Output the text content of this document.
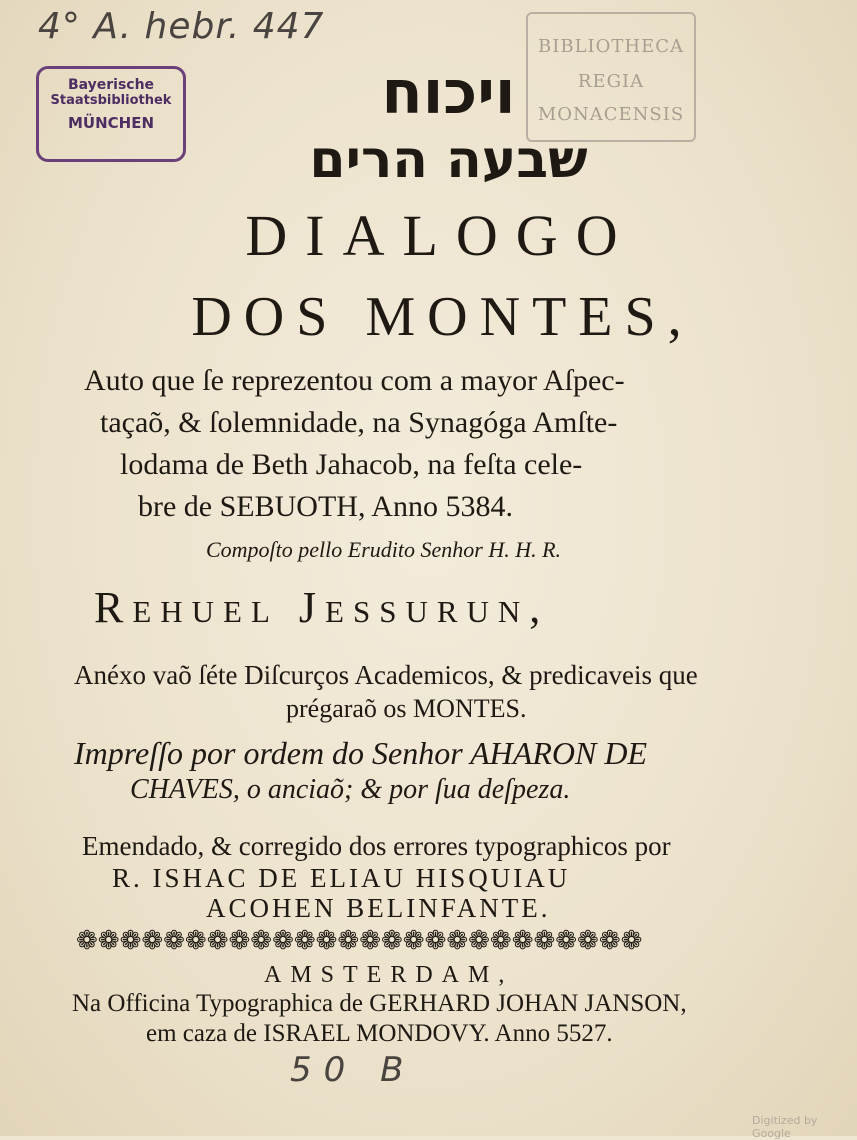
4° A. hebr. 447
Bayerische
Staatsbibliothek
MÜNCHEN
BIBLIOTHECA
REGIA
MONACENSIS
ויכוח
שבעה הרים
DIALOGO
DOS MONTES,
Auto que ſe reprezentou com a mayor Aſpec-
taçaõ, & ſolemnidade, na Synagóga Amſte-
lodama de Beth Jahacob, na feſta cele-
bre de SEBUOTH, Anno 5384.
Compoſto pello Erudito Senhor H. H. R.
Rehuel Jessurun,
Anéxo vaõ ſéte Diſcurços Academicos, & predicaveis que
prégaraõ os MONTES.
Impreſſo por ordem do Senhor AHARON DE
CHAVES, o anciaõ; & por ſua deſpeza.
Emendado, & corregido dos errores typographicos por
R. ISHAC DE ELIAU HISQUIAU
ACOHEN BELINFANTE.
❁❁❁❁❁❁❁❁❁❁❁❁❁❁❁❁❁❁❁❁❁❁❁❁❁❁
AMSTERDAM,
Na Officina Typographica de GERHARD JOHAN JANSON,
em caza de ISRAEL MONDOVY. Anno 5527.
50 B
Digitized by Google
